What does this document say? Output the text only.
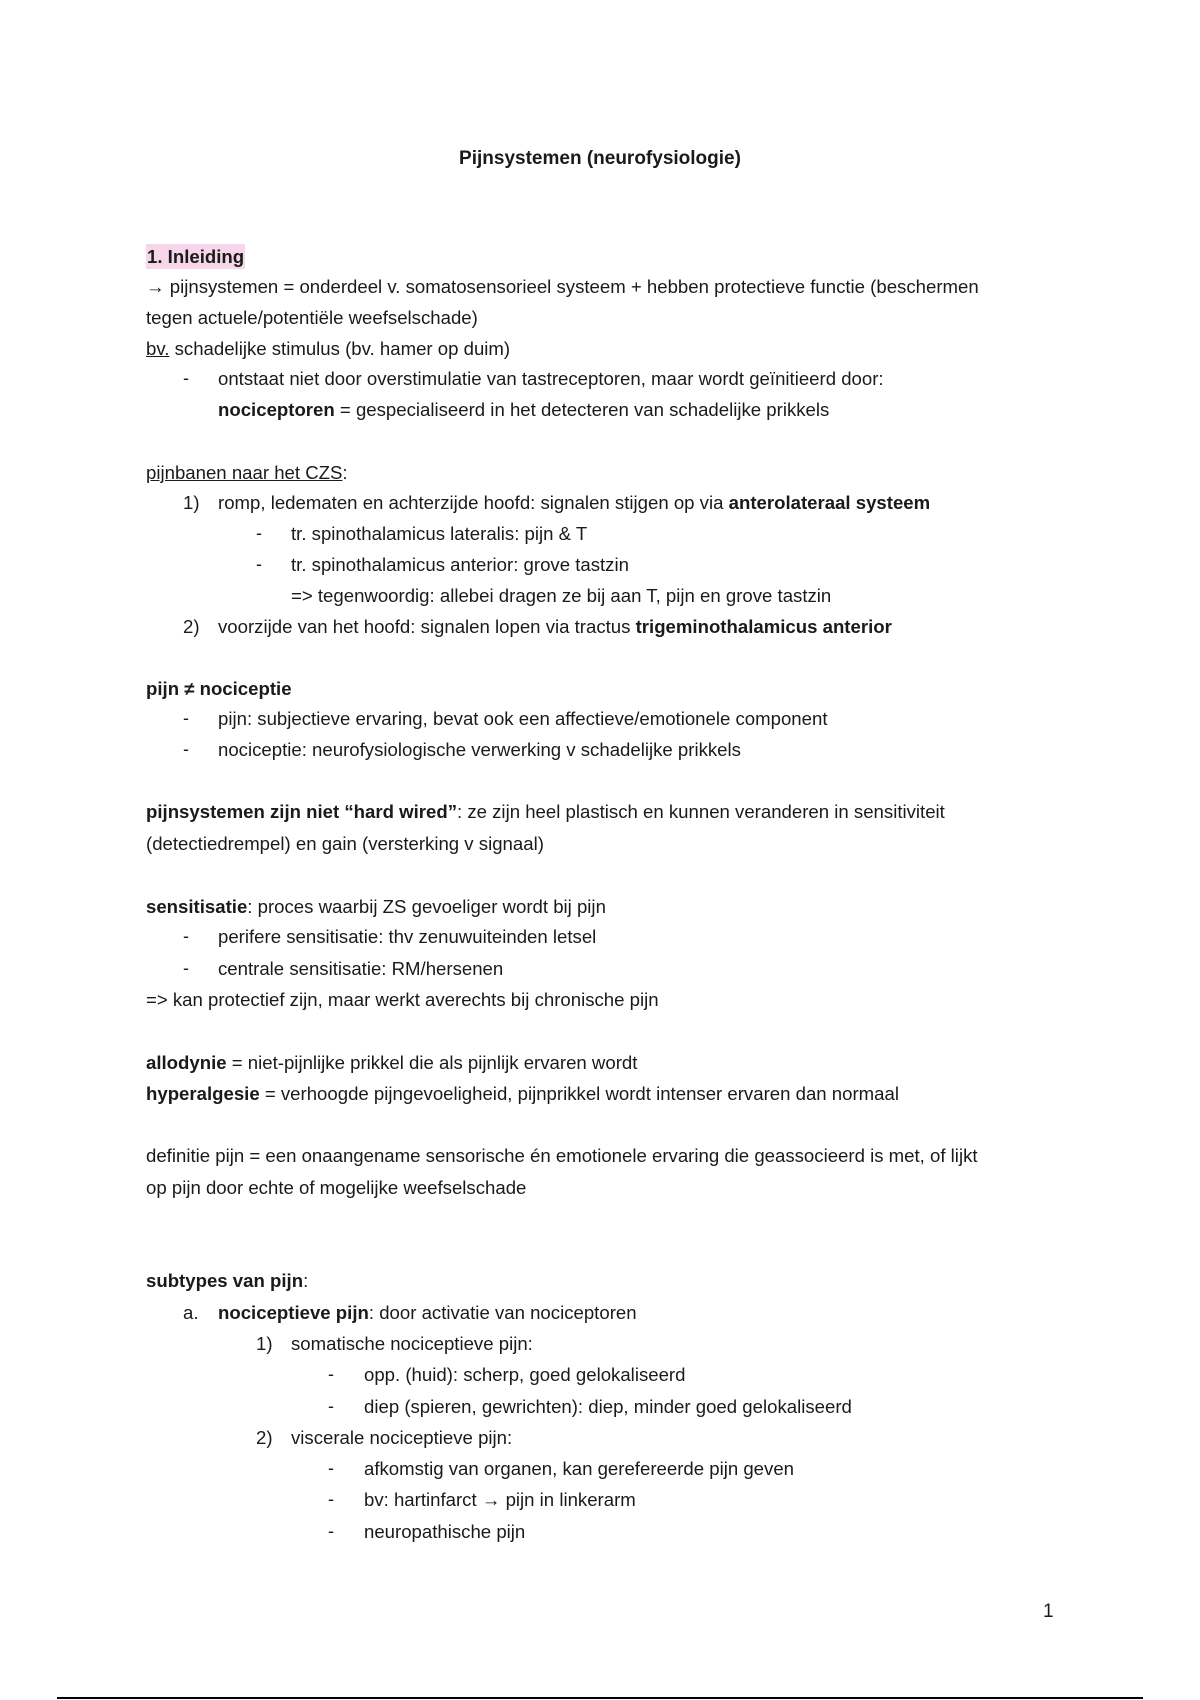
Pijnsystemen (neurofysiologie)
1. Inleiding
→ pijnsystemen = onderdeel v. somatosensorieel systeem + hebben protectieve functie (beschermen
tegen actuele/potentiële weefselschade)
bv. schadelijke stimulus (bv. hamer op duim)
- ontstaat niet door overstimulatie van tastreceptoren, maar wordt geïnitieerd door:
nociceptoren = gespecialiseerd in het detecteren van schadelijke prikkels
pijnbanen naar het CZS:
1) romp, ledematen en achterzijde hoofd: signalen stijgen op via anterolateraal systeem
- tr. spinothalamicus lateralis: pijn & T
- tr. spinothalamicus anterior: grove tastzin
=> tegenwoordig: allebei dragen ze bij aan T, pijn en grove tastzin
2) voorzijde van het hoofd: signalen lopen via tractus trigeminothalamicus anterior
pijn ≠ nociceptie
- pijn: subjectieve ervaring, bevat ook een affectieve/emotionele component
- nociceptie: neurofysiologische verwerking v schadelijke prikkels
pijnsystemen zijn niet “hard wired”: ze zijn heel plastisch en kunnen veranderen in sensitiviteit
(detectiedrempel) en gain (versterking v signaal)
sensitisatie: proces waarbij ZS gevoeliger wordt bij pijn
- perifere sensitisatie: thv zenuwuiteinden letsel
- centrale sensitisatie: RM/hersenen
=> kan protectief zijn, maar werkt averechts bij chronische pijn
allodynie = niet-pijnlijke prikkel die als pijnlijk ervaren wordt
hyperalgesie = verhoogde pijngevoeligheid, pijnprikkel wordt intenser ervaren dan normaal
definitie pijn = een onaangename sensorische én emotionele ervaring die geassocieerd is met, of lijkt
op pijn door echte of mogelijke weefselschade
subtypes van pijn:
a. nociceptieve pijn: door activatie van nociceptoren
1) somatische nociceptieve pijn:
- opp. (huid): scherp, goed gelokaliseerd
- diep (spieren, gewrichten): diep, minder goed gelokaliseerd
2) viscerale nociceptieve pijn:
- afkomstig van organen, kan gerefereerde pijn geven
- bv: hartinfarct → pijn in linkerarm
- neuropathische pijn
1
